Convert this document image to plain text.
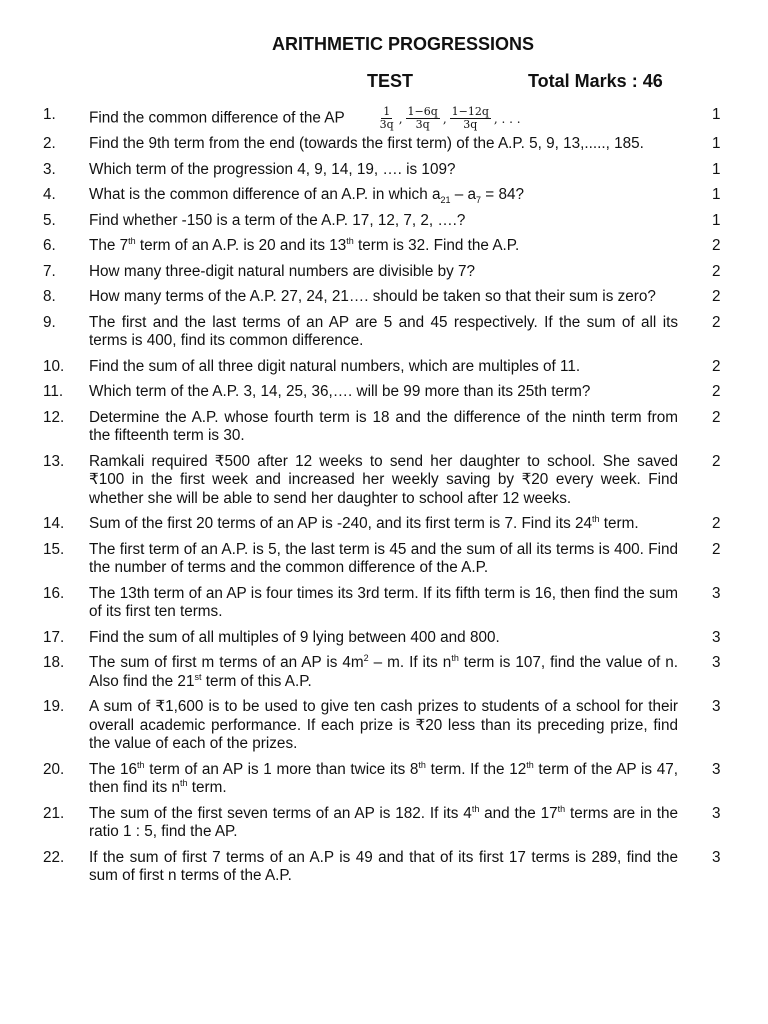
ARITHMETIC PROGRESSIONS
TEST	Total Marks : 46
1. Find the common difference of the AP	$\frac{1}{3q}$ , $\frac{1-6q}{3q}$ , $\frac{1-12q}{3q}$ , . . .	1
2. Find the 9th term from the end (towards the first term) of the A.P. 5, 9, 13,....., 185.	1
3. Which term of the progression 4, 9, 14, 19, …. is 109?	1
4. What is the common difference of an A.P. in which $a_{21} - a_7 = 84$?	1
5. Find whether -150 is a term of the A.P. 17, 12, 7, 2, ….?	1
6. The 7th term of an A.P. is 20 and its 13th term is 32. Find the A.P.	2
7. How many three-digit natural numbers are divisible by 7?	2
8. How many terms of the A.P. 27, 24, 21…. should be taken so that their sum is zero?	2
9. The first and the last terms of an AP are 5 and 45 respectively. If the sum of all its terms is 400, find its common difference.
2
10. Find the sum of all three digit natural numbers, which are multiples of 11.	2
11. Which term of the A.P. 3, 14, 25, 36,…. will be 99 more than its 25th term?	2
12. Determine the A.P. whose fourth term is 18 and the difference of the ninth term from the fifteenth term is 30.
2
13. Ramkali required ₹500 after 12 weeks to send her daughter to school. She saved ₹100 in the first week and increased her weekly saving by ₹20 every week. Find whether she will be able to send her daughter to school after 12 weeks.
2
14. Sum of the first 20 terms of an AP is -240, and its first term is 7. Find its 24th term.	2
15. The first term of an A.P. is 5, the last term is 45 and the sum of all its terms is 400. Find the number of terms and the common difference of the A.P.
2
16. The 13th term of an AP is four times its 3rd term. If its fifth term is 16, then find the sum of its first ten terms.
3
17. Find the sum of all multiples of 9 lying between 400 and 800.	3
18. The sum of first m terms of an AP is $4m^2$ – m. If its $n^{th}$ term is 107, find the value of n. Also find the 21st term of this A.P.
3
19. A sum of ₹1,600 is to be used to give ten cash prizes to students of a school for their overall academic performance. If each prize is ₹20 less than its preceding prize, find the value of each of the prizes.
3
20. The 16th term of an AP is 1 more than twice its 8th term. If the 12th term of the AP is 47, then find its $n^{th}$ term.
3
21. The sum of the first seven terms of an AP is 182. If its 4th and the 17th terms are in the ratio 1 : 5, find the AP.
3
22. If the sum of first 7 terms of an A.P is 49 and that of its first 17 terms is 289, find the sum of first n terms of the A.P.
3
